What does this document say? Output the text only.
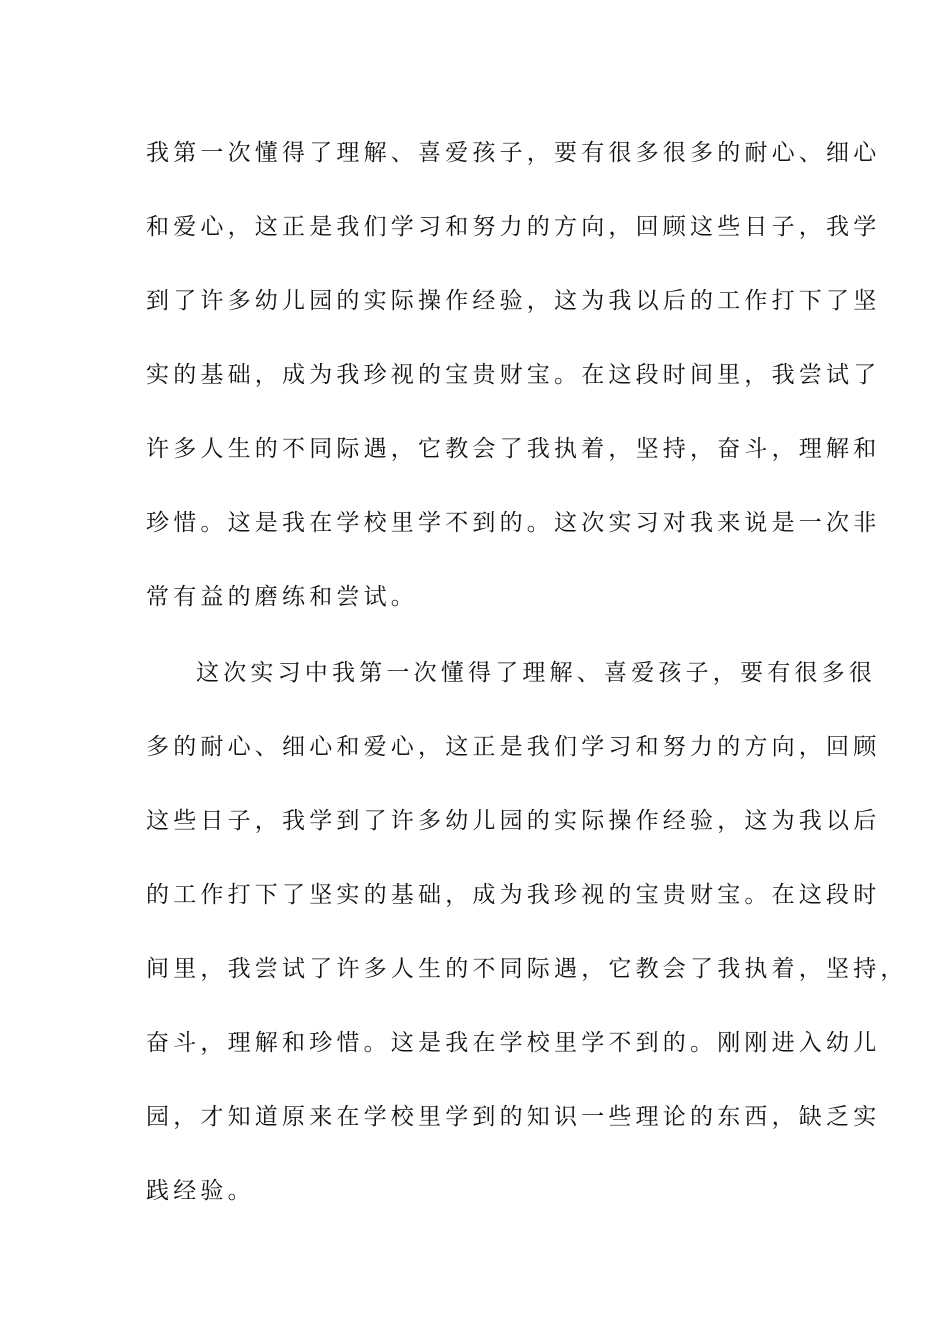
我第一次懂得了理解、喜爱孩子，要有很多很多的耐心、细心
和爱心，这正是我们学习和努力的方向，回顾这些日子，我学
到了许多幼儿园的实际操作经验，这为我以后的工作打下了坚
实的基础，成为我珍视的宝贵财宝。在这段时间里，我尝试了
许多人生的不同际遇，它教会了我执着，坚持，奋斗，理解和
珍惜。这是我在学校里学不到的。这次实习对我来说是一次非
常有益的磨练和尝试。
这次实习中我第一次懂得了理解、喜爱孩子，要有很多很
多的耐心、细心和爱心，这正是我们学习和努力的方向，回顾
这些日子，我学到了许多幼儿园的实际操作经验，这为我以后
的工作打下了坚实的基础，成为我珍视的宝贵财宝。在这段时
间里，我尝试了许多人生的不同际遇，它教会了我执着，坚持，
奋斗，理解和珍惜。这是我在学校里学不到的。刚刚进入幼儿
园，才知道原来在学校里学到的知识一些理论的东西，缺乏实
践经验。
